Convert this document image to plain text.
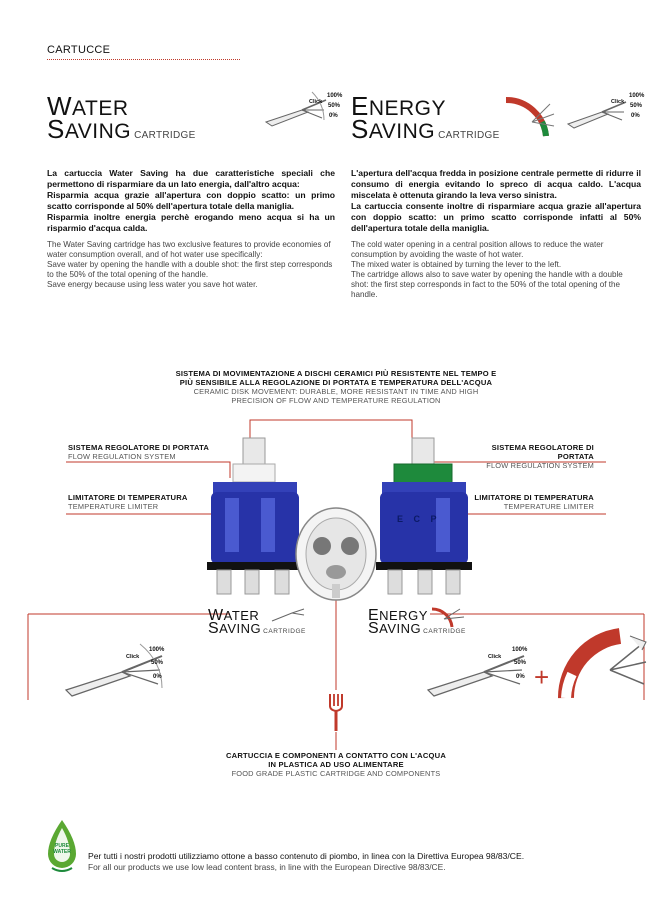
CARTUCCE
WATER
SAVING CARTRIDGE
100%
50%
0%
Click ENERGY
SAVING CARTRIDGE
100%
50%
0%
Click

La cartuccia Water Saving ha due caratteristiche speciali che permettono di risparmiare da un lato energia, dall'altro acqua:

Risparmia acqua grazie all'apertura con doppio scatto: un primo scatto corrisponde al 50% dell'apertura totale della maniglia.

Risparmia inoltre energia perchè erogando meno acqua si ha un risparmio d'acqua calda.

The Water Saving cartridge has two exclusive features to provide economies of water consumption overall, and of hot water use specifically:

Save water by opening the handle with a double shot: the first step corresponds to the 50% of the total opening of the handle.

Save energy because using less water you save hot water.

L'apertura dell'acqua fredda in posizione centrale permette di ridurre il consumo di energia evitando lo spreco di acqua caldo. L'acqua miscelata è ottenuta girando la leva verso sinistra.

La cartuccia consente inoltre di risparmiare acqua grazie all'apertura con doppio scatto: un primo scatto corrisponde infatti al 50% dell'apertura totale della maniglia.

The cold water opening in a central position allows to reduce the water consumption by avoiding the waste of hot water.

The mixed water is obtained by turning the lever to the left.

The cartridge allows also to save water by opening the handle with a double shot: the first step corresponds in fact to the 50% of the total opening of the handle.

SISTEMA DI MOVIMENTAZIONE A DISCHI CERAMICI PIÙ RESISTENTE NEL TEMPO E
PIÙ SENSIBILE ALLA REGOLAZIONE DI PORTATA E TEMPERATURA DELL'ACQUA
CERAMIC DISK MOVEMENT: DURABLE, MORE RESISTANT IN TIME AND HIGH
PRECISION OF FLOW AND TEMPERATURE REGULATION
SISTEMA REGOLATORE DI PORTATA
FLOW REGULATION SYSTEM
SISTEMA REGOLATORE DI PORTATA
FLOW REGULATION SYSTEM
LIMITATORE DI TEMPERATURA
TEMPERATURE LIMITER
LIMITATORE DI TEMPERATURA
TEMPERATURE LIMITER
E C P
WATER
SAVING CARTRIDGE
100%
50%
0%
Click
ENERGY
SAVING CARTRIDGE
100%
50%
0%
Click
+
CARTUCCIA E COMPONENTI A CONTATTO CON L'ACQUA
IN PLASTICA AD USO ALIMENTARE
FOOD GRADE PLASTIC CARTRIDGE AND COMPONENTS
PURE
WATER Per tutti i nostri prodotti utilizziamo ottone a basso contenuto di piombo, in linea con la Direttiva Europea 98/83/CE.
For all our products we use low lead content brass, in line with the European Directive 98/83/CE.
